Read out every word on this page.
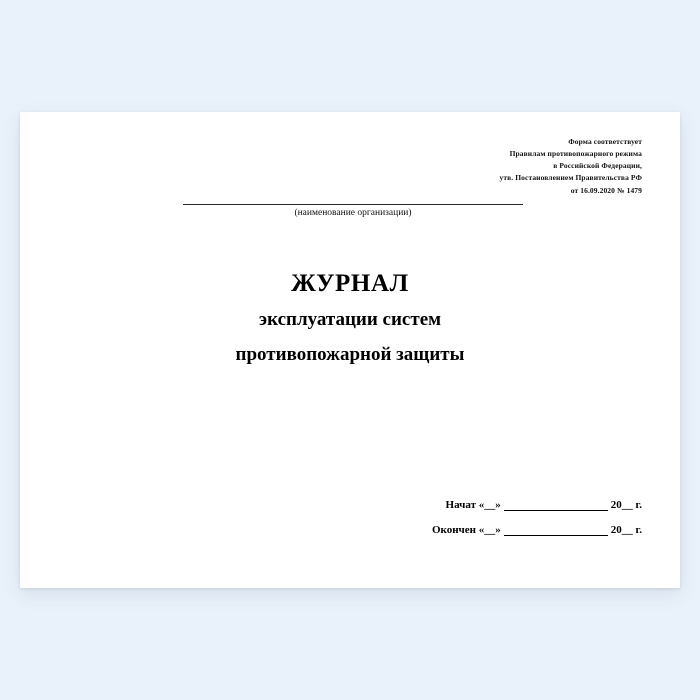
Форма соответствует
Правилам противопожарного режима
в Российской Федерации,
утв. Постановлением Правительства РФ
от 16.09.2020 № 1479
(наименование организации)
ЖУРНАЛ
эксплуатации систем
противопожарной защиты
Начат «__»	20__ г.
Окончен «__»	20__ г.
